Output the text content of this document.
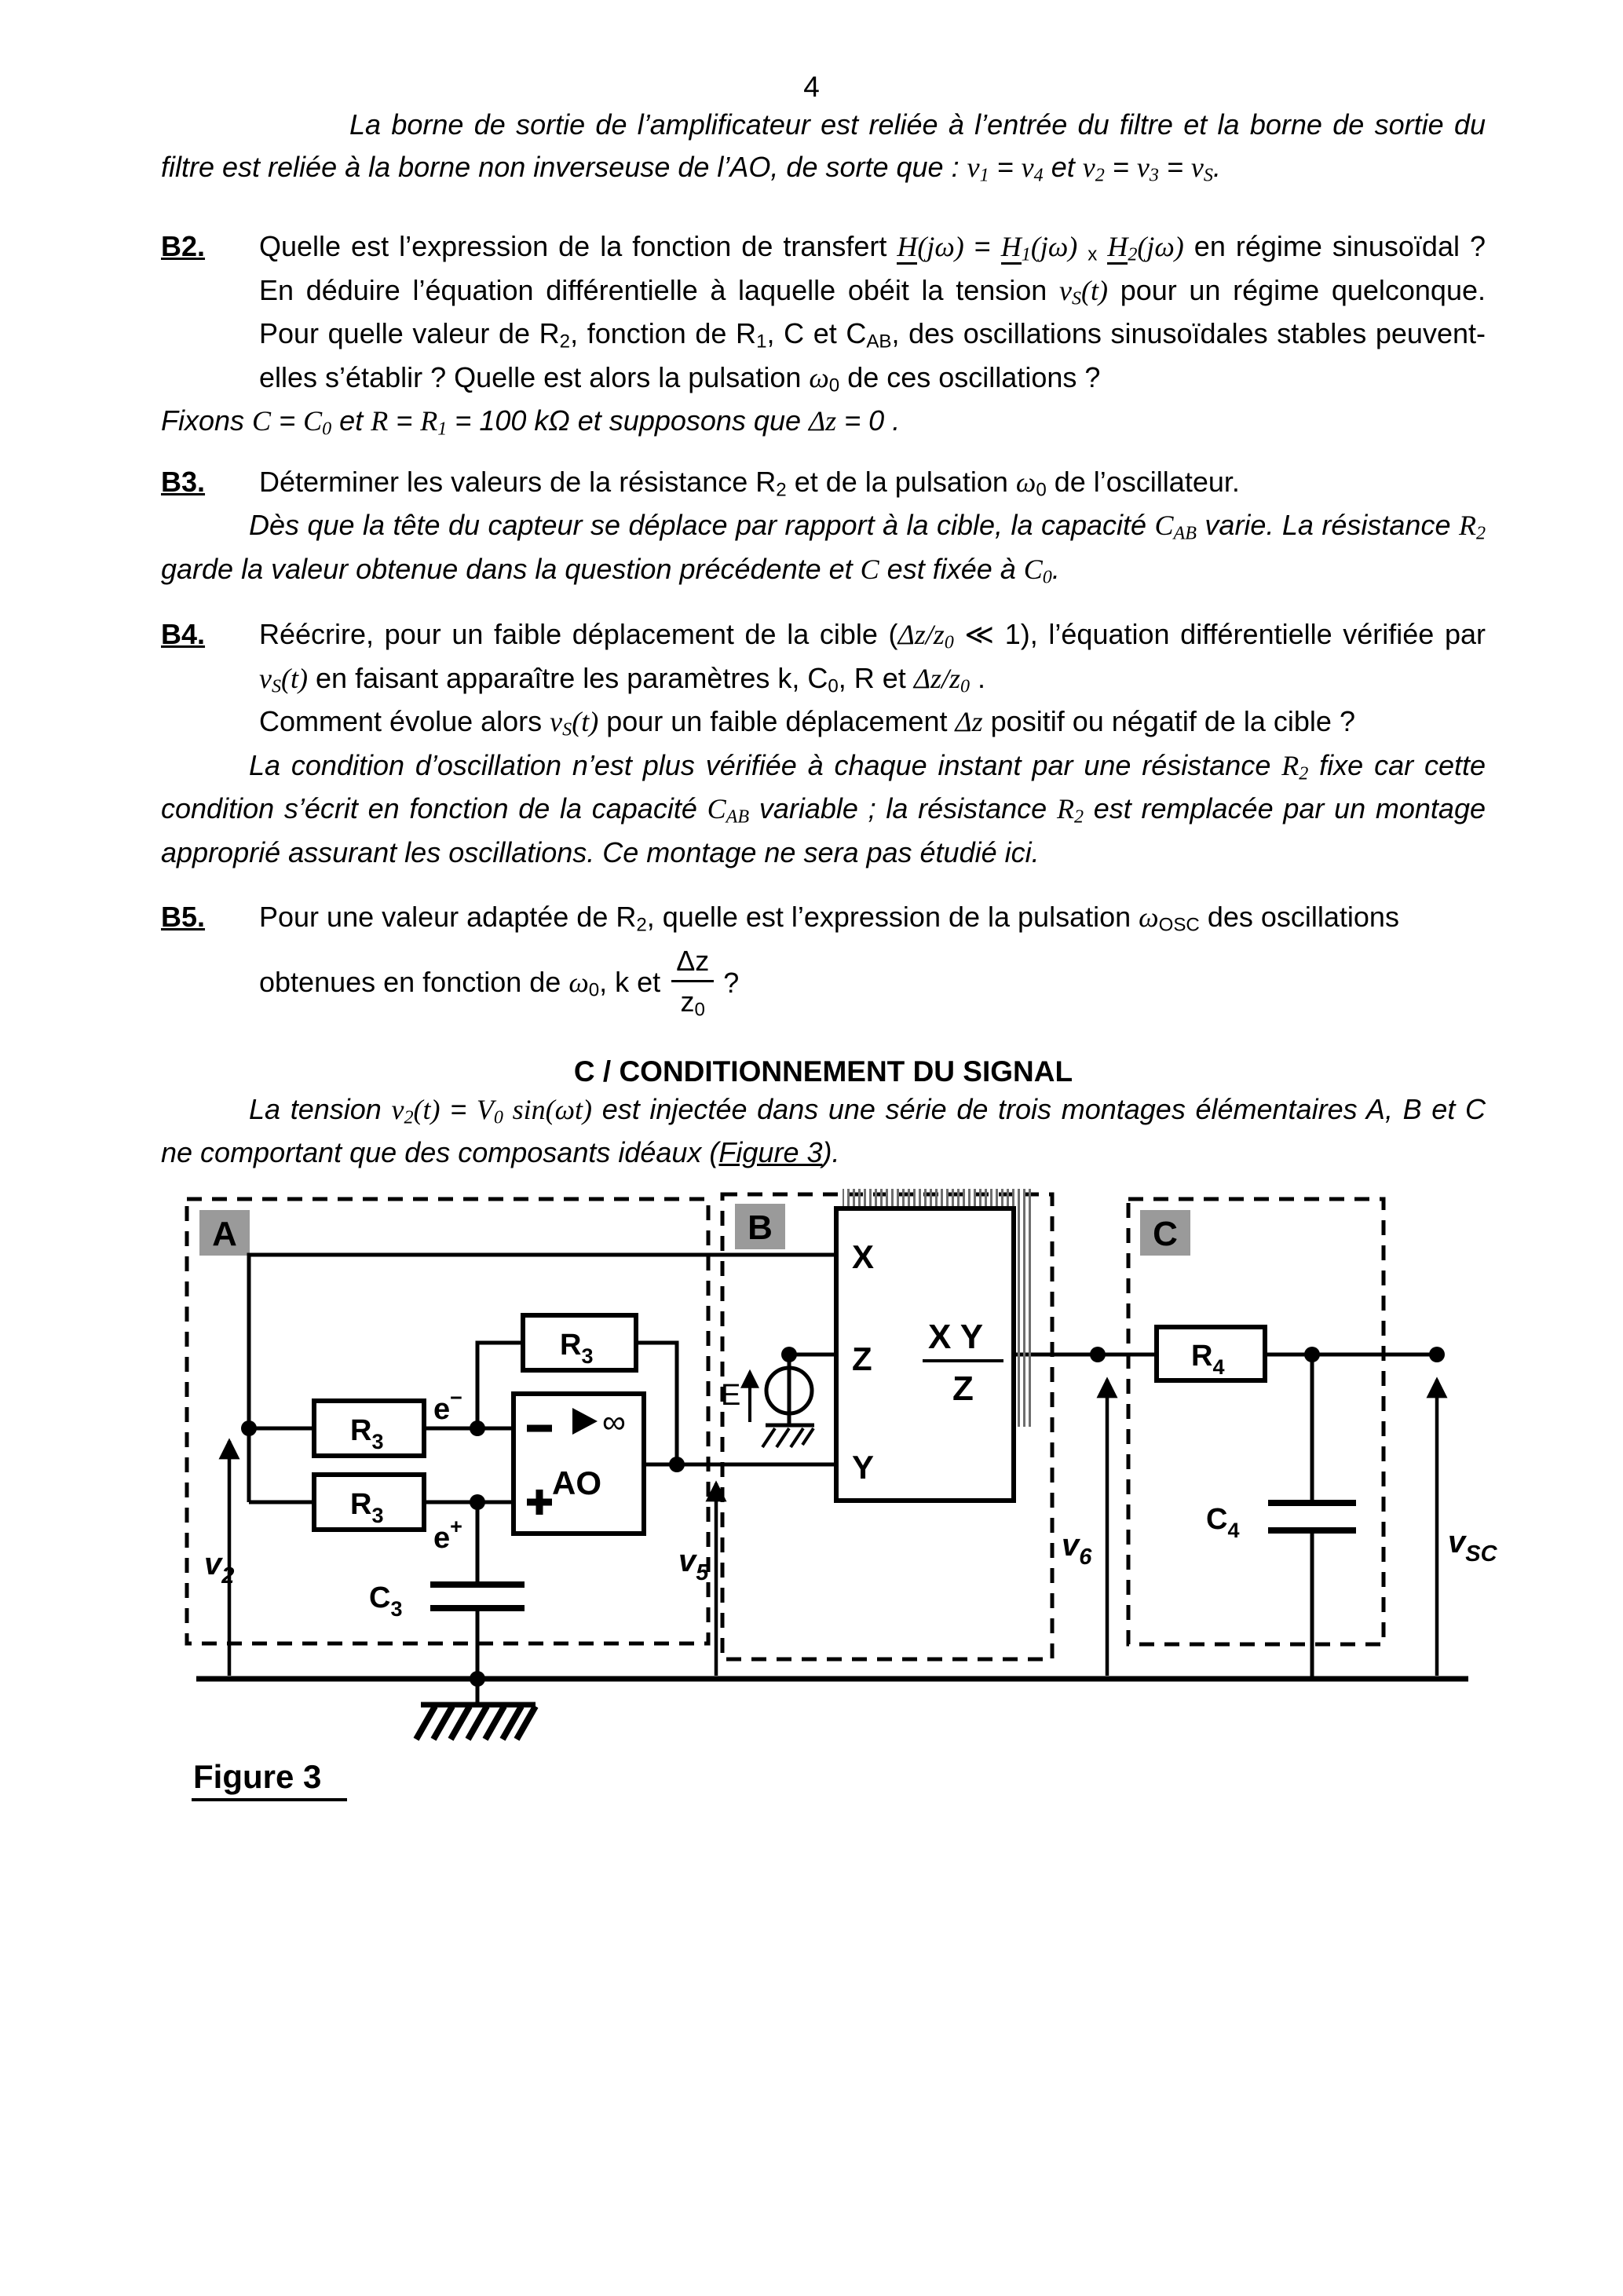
4

La borne de sortie de l’amplificateur est reliée à l’entrée du filtre et la borne de sortie du filtre est reliée à la borne non inverseuse de l’AO, de sorte que : v1 = v4 et v2 = v3 = vS.

B2.	Quelle est l’expression de la fonction de transfert H(jω) = H1(jω) x H2(jω) en régime sinusoïdal ? En déduire l’équation différentielle à laquelle obéit la tension vS(t) pour un régime quelconque. Pour quelle valeur de R2, fonction de R1, C et CAB, des oscillations sinusoïdales stables peuvent-elles s’établir ? Quelle est alors la pulsation ω0 de ces oscillations ?

Fixons C = C0 et R = R1 = 100 kΩ et supposons que Δz = 0 .

B3.	Déterminer les valeurs de la résistance R2 et de la pulsation ω0 de l’oscillateur.

Dès que la tête du capteur se déplace par rapport à la cible, la capacité CAB varie. La résistance R2 garde la valeur obtenue dans la question précédente et C est fixée à C0.

B4.	Réécrire, pour un faible déplacement de la cible (Δz/z0 ≪ 1), l’équation différentielle vérifiée par vS(t) en faisant apparaître les paramètres k, C0, R et Δz/z0 .

Comment évolue alors vS(t) pour un faible déplacement Δz positif ou négatif de la cible ?

La condition d’oscillation n’est plus vérifiée à chaque instant par une résistance R2 fixe car cette condition s’écrit en fonction de la capacité CAB variable ; la résistance R2 est remplacée par un montage approprié assurant les oscillations. Ce montage ne sera pas étudié ici.

B5.	Pour une valeur adaptée de R2, quelle est l’expression de la pulsation ωOSC des oscillations

obtenues en fonction de ω0, k et $\frac{\Delta z}{z0}$ ?
C / CONDITIONNEMENT DU SIGNAL

La tension v2(t) = V0 sin(ωt) est injectée dans une série de trois montages élémentaires A, B et C ne comportant que des composants idéaux (Figure 3).

A	B	C
$R_3$
$R_3$
$R_3$
$R_4$
∞
AO
e−
e+
$C_3$
E
X
Z
Y
X Y
Z
$C_4$
$v_2$	$v_5$
$v_6$	$v_{SC}$
Figure 3
